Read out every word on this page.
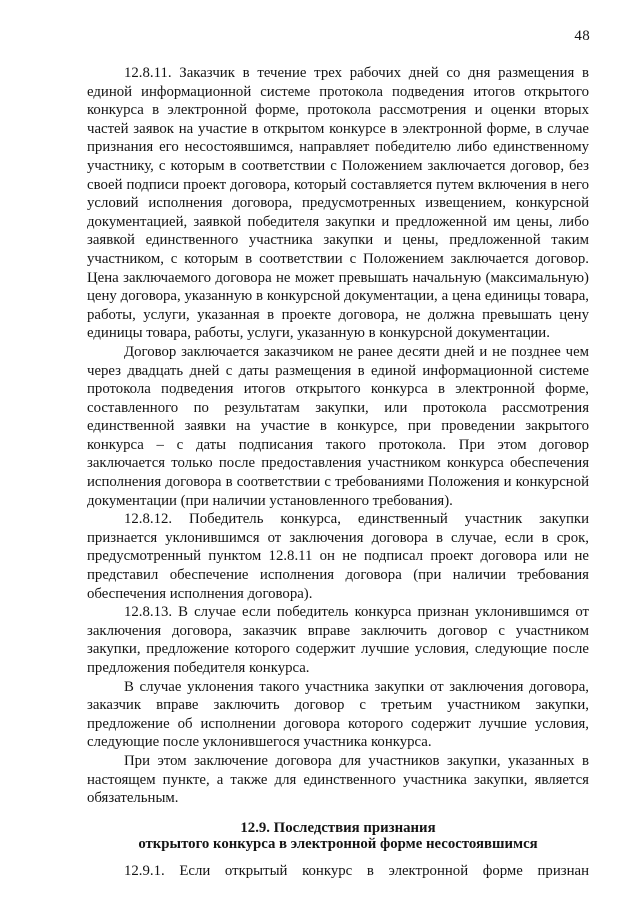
48

12.8.11. Заказчик в течение трех рабочих дней со дня размещения в единой информационной системе протокола подведения итогов открытого конкурса в электронной форме, протокола рассмотрения и оценки вторых частей заявок на участие в открытом конкурсе в электронной форме, в случае признания его несостоявшимся, направляет победителю либо единственному участнику, с которым в соответствии с Положением заключается договор, без своей подписи проект договора, который составляется путем включения в него условий исполнения договора, предусмотренных извещением, конкурсной документацией, заявкой победителя закупки и предложенной им цены, либо заявкой единственного участника закупки и цены, предложенной таким участником, с которым в соответствии с Положением заключается договор. Цена заключаемого договора не может превышать начальную (максимальную) цену договора, указанную в конкурсной документации, а цена единицы товара, работы, услуги, указанная в проекте договора, не должна превышать цену единицы товара, работы, услуги, указанную в конкурсной документации.

Договор заключается заказчиком не ранее десяти дней и не позднее чем через двадцать дней с даты размещения в единой информационной системе протокола подведения итогов открытого конкурса в электронной форме, составленного по результатам закупки, или протокола рассмотрения единственной заявки на участие в конкурсе, при проведении закрытого конкурса – с даты подписания такого протокола. При этом договор заключается только после предоставления участником конкурса обеспечения исполнения договора в соответствии с требованиями Положения и конкурсной документации (при наличии установленного требования).

12.8.12. Победитель конкурса, единственный участник закупки признается уклонившимся от заключения договора в случае, если в срок, предусмотренный пунктом 12.8.11 он не подписал проект договора или не представил обеспечение исполнения договора (при наличии требования обеспечения исполнения договора).

12.8.13. В случае если победитель конкурса признан уклонившимся от заключения договора, заказчик вправе заключить договор с участником закупки, предложение которого содержит лучшие условия, следующие после предложения победителя конкурса.

В случае уклонения такого участника закупки от заключения договора, заказчик вправе заключить договор с третьим участником закупки, предложение об исполнении договора которого содержит лучшие условия, следующие после уклонившегося участника конкурса.

При этом заключение договора для участников закупки, указанных в настоящем пункте, а также для единственного участника закупки, является обязательным.

12.9. Последствия признания
открытого конкурса в электронной форме несостоявшимся

12.9.1. Если открытый конкурс в электронной форме признан
